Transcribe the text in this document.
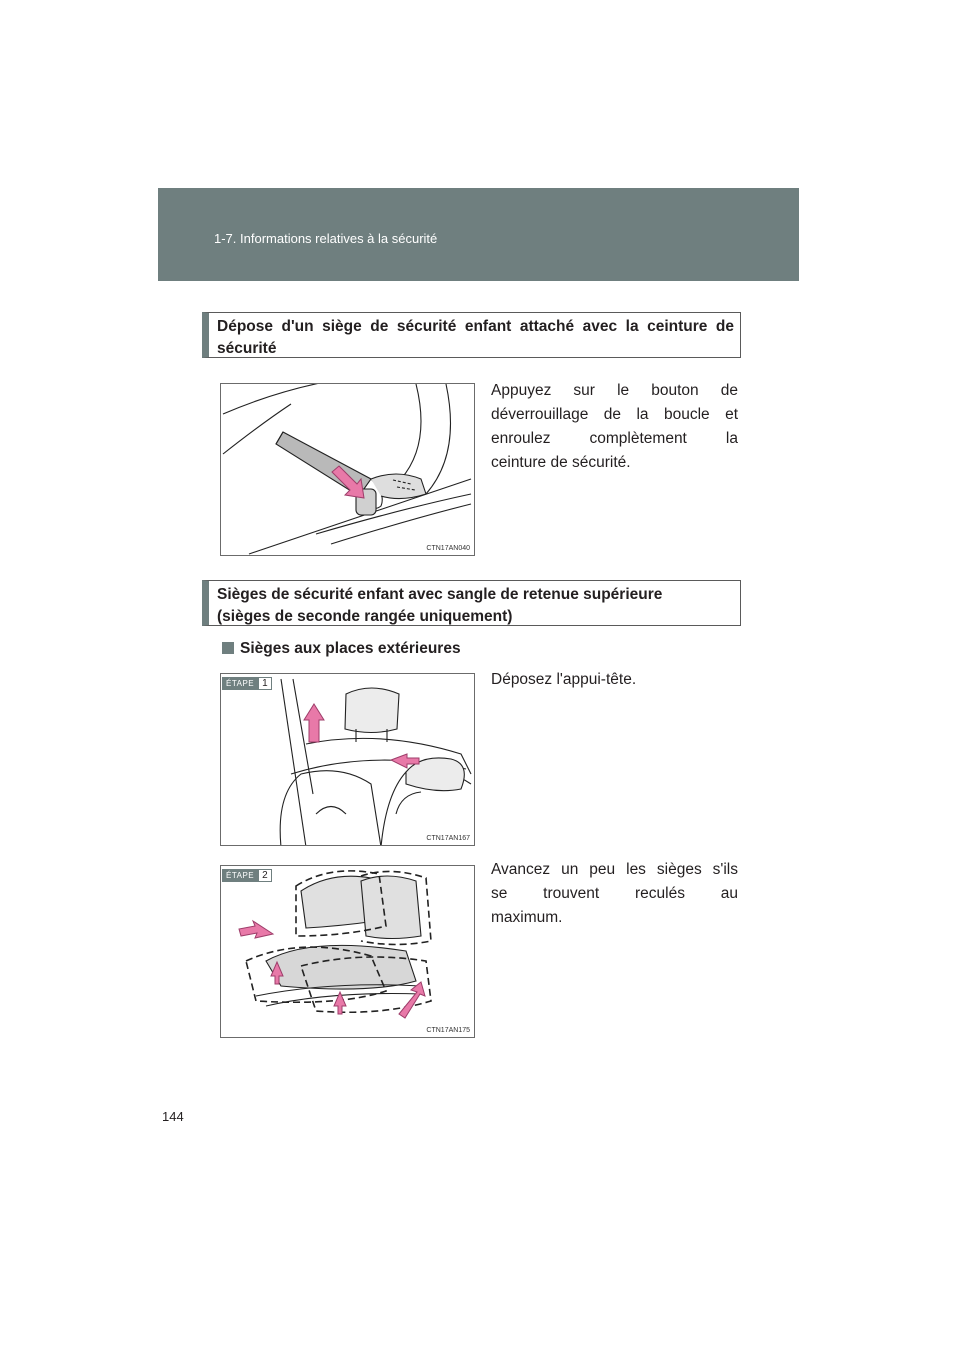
1-7. Informations relatives à la sécurité
Dépose d'un siège de sécurité enfant attaché avec la ceinture de
sécurité
CTN17AN040
Appuyez sur le bouton de
déverrouillage de la boucle et
enroulez complètement la
ceinture de sécurité.
Sièges de sécurité enfant avec sangle de retenue supérieure
(sièges de seconde rangée uniquement)
Sièges aux places extérieures
ÉTAPE 1
CTN17AN167
Déposez l'appui-tête.
ÉTAPE 2
CTN17AN175
Avancez un peu les sièges s'ils
se trouvent reculés au
maximum.
144
